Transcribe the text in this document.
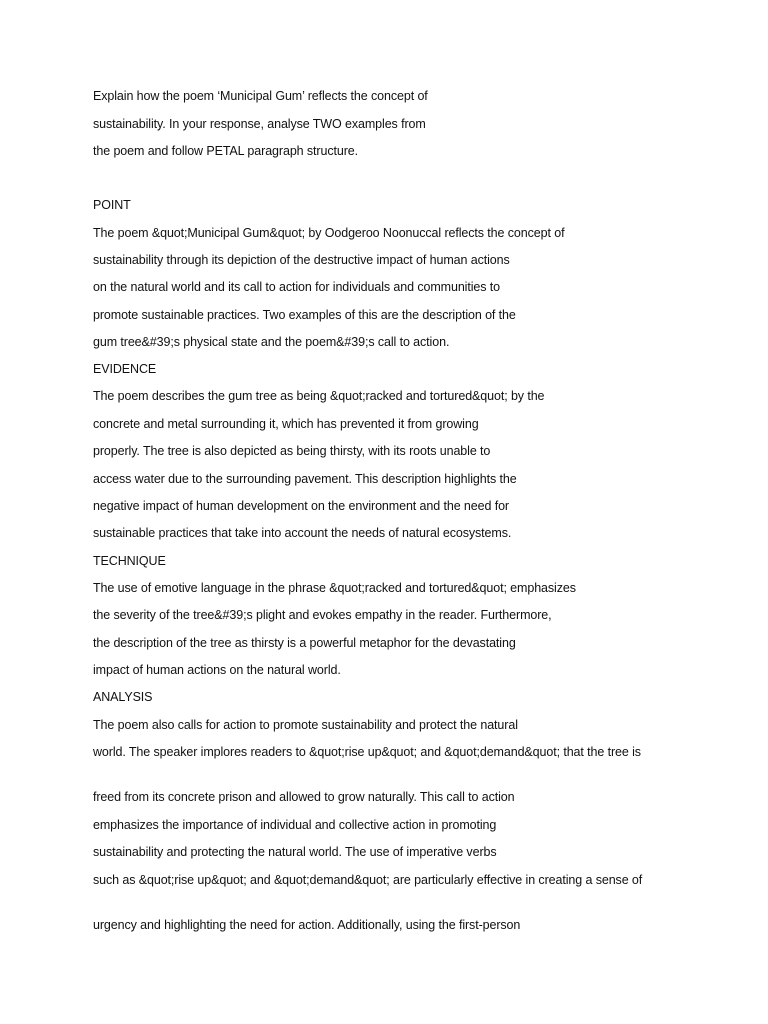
Explain how the poem ‘Municipal Gum’ reflects the concept of
sustainability. In your response, analyse TWO examples from
the poem and follow PETAL paragraph structure.
POINT
The poem &quot;Municipal Gum&quot; by Oodgeroo Noonuccal reflects the concept of
sustainability through its depiction of the destructive impact of human actions
on the natural world and its call to action for individuals and communities to
promote sustainable practices. Two examples of this are the description of the
gum tree&#39;s physical state and the poem&#39;s call to action.
EVIDENCE
The poem describes the gum tree as being &quot;racked and tortured&quot; by the
concrete and metal surrounding it, which has prevented it from growing
properly. The tree is also depicted as being thirsty, with its roots unable to
access water due to the surrounding pavement. This description highlights the
negative impact of human development on the environment and the need for
sustainable practices that take into account the needs of natural ecosystems.
TECHNIQUE
The use of emotive language in the phrase &quot;racked and tortured&quot; emphasizes
the severity of the tree&#39;s plight and evokes empathy in the reader. Furthermore,
the description of the tree as thirsty is a powerful metaphor for the devastating
impact of human actions on the natural world.
ANALYSIS
The poem also calls for action to promote sustainability and protect the natural
world. The speaker implores readers to &quot;rise up&quot; and &quot;demand&quot; that the tree is
freed from its concrete prison and allowed to grow naturally. This call to action
emphasizes the importance of individual and collective action in promoting
sustainability and protecting the natural world. The use of imperative verbs
such as &quot;rise up&quot; and &quot;demand&quot; are particularly effective in creating a sense of
urgency and highlighting the need for action. Additionally, using the first-person
